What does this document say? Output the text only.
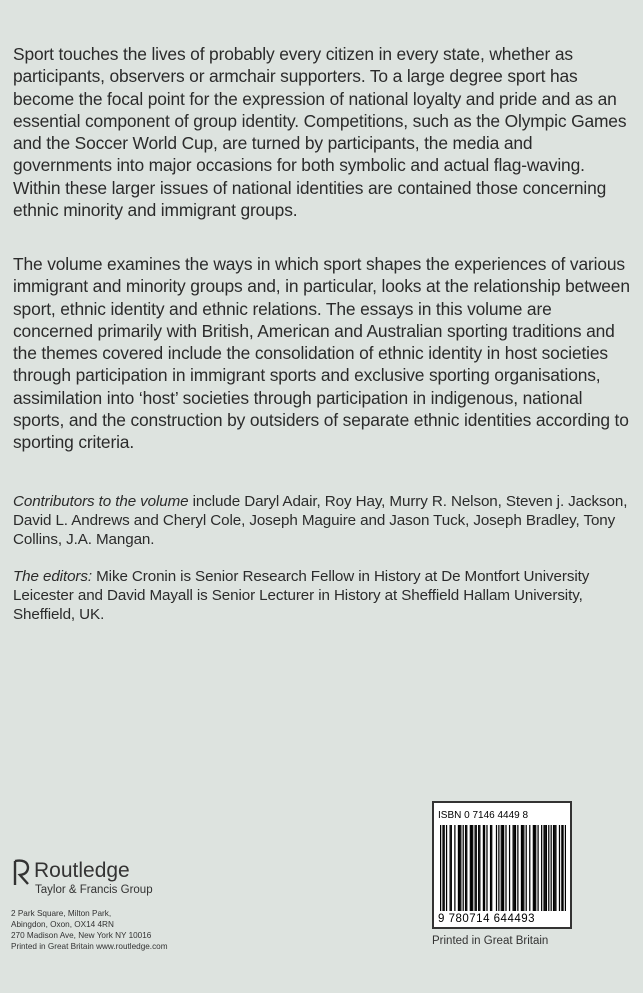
Sport touches the lives of probably every citizen in every state, whether as participants, observers or armchair supporters. To a large degree sport has become the focal point for the expression of national loyalty and pride and as an essential component of group identity. Competitions, such as the Olympic Games and the Soccer World Cup, are turned by participants, the media and governments into major occasions for both symbolic and actual flag-waving. Within these larger issues of national identities are contained those concerning ethnic minority and immigrant groups.

The volume examines the ways in which sport shapes the experiences of various immigrant and minority groups and, in particular, looks at the relationship between sport, ethnic identity and ethnic relations. The essays in this volume are concerned primarily with British, American and Australian sporting traditions and the themes covered include the consolidation of ethnic identity in host societies through participation in immigrant sports and exclusive sporting organisations, assimilation into ‘host’ societies through participation in indigenous, national sports, and the construction by outsiders of separate ethnic identities according to sporting criteria.

Contributors to the volume include Daryl Adair, Roy Hay, Murry R. Nelson, Steven j. Jackson, David L. Andrews and Cheryl Cole, Joseph Maguire and Jason Tuck, Joseph Bradley, Tony Collins, J.A. Mangan.

The editors: Mike Cronin is Senior Research Fellow in History at De Montfort University Leicester and David Mayall is Senior Lecturer in History at Sheffield Hallam University, Sheffield, UK.

Routledge
Taylor & Francis Group
2 Park Square, Milton Park,
Abingdon, Oxon, OX14 4RN
270 Madison Ave, New York NY 10016
Printed in Great Britain www.routledge.com
ISBN 0 7146 4449 8
9 780714 644493
Printed in Great Britain
